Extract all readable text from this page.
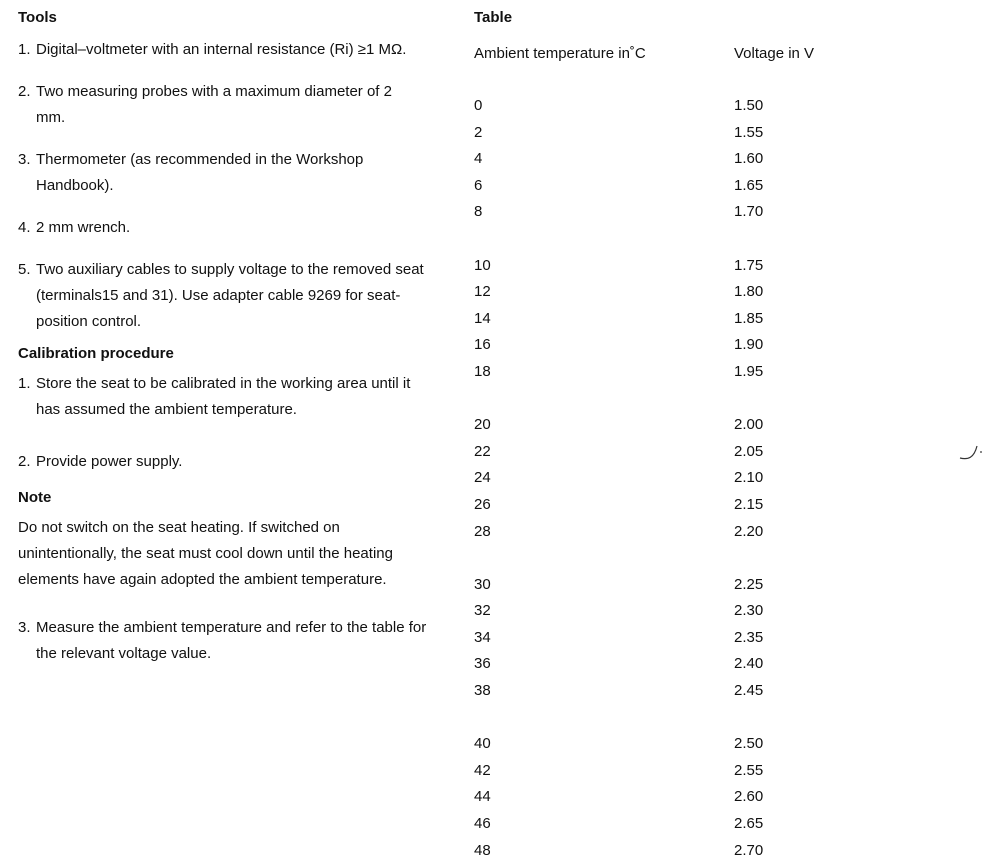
Tools
1. Digital–voltmeter with an internal resistance (Ri) ≥1 MΩ.
2. Two measuring probes with a maximum diameter of 2 mm.
3. Thermometer (as recommended in the Workshop Handbook).
4. 2 mm wrench.
5. Two auxiliary cables to supply voltage to the removed seat (terminals15 and 31). Use adapter cable 9269 for seat-position control.
Calibration procedure
1. Store the seat to be calibrated in the working area until it has assumed the ambient temperature.
2. Provide power supply.
Note

Do not switch on the seat heating. If switched on unintentionally, the seat must cool down until the heating elements have again adopted the ambient temperature.

3. Measure the ambient temperature and refer to the table for the relevant voltage value.
Table
Ambient temperature in˚C	Voltage in V
0	1.50
2	1.55
4	1.60
6	1.65
8	1.70
10	1.75
12	1.80
14	1.85
16	1.90
18	1.95
20	2.00
22	2.05
24	2.10
26	2.15
28	2.20
30	2.25
32	2.30
34	2.35
36	2.40
38	2.45
40	2.50
42	2.55
44	2.60
46	2.65
48	2.70
